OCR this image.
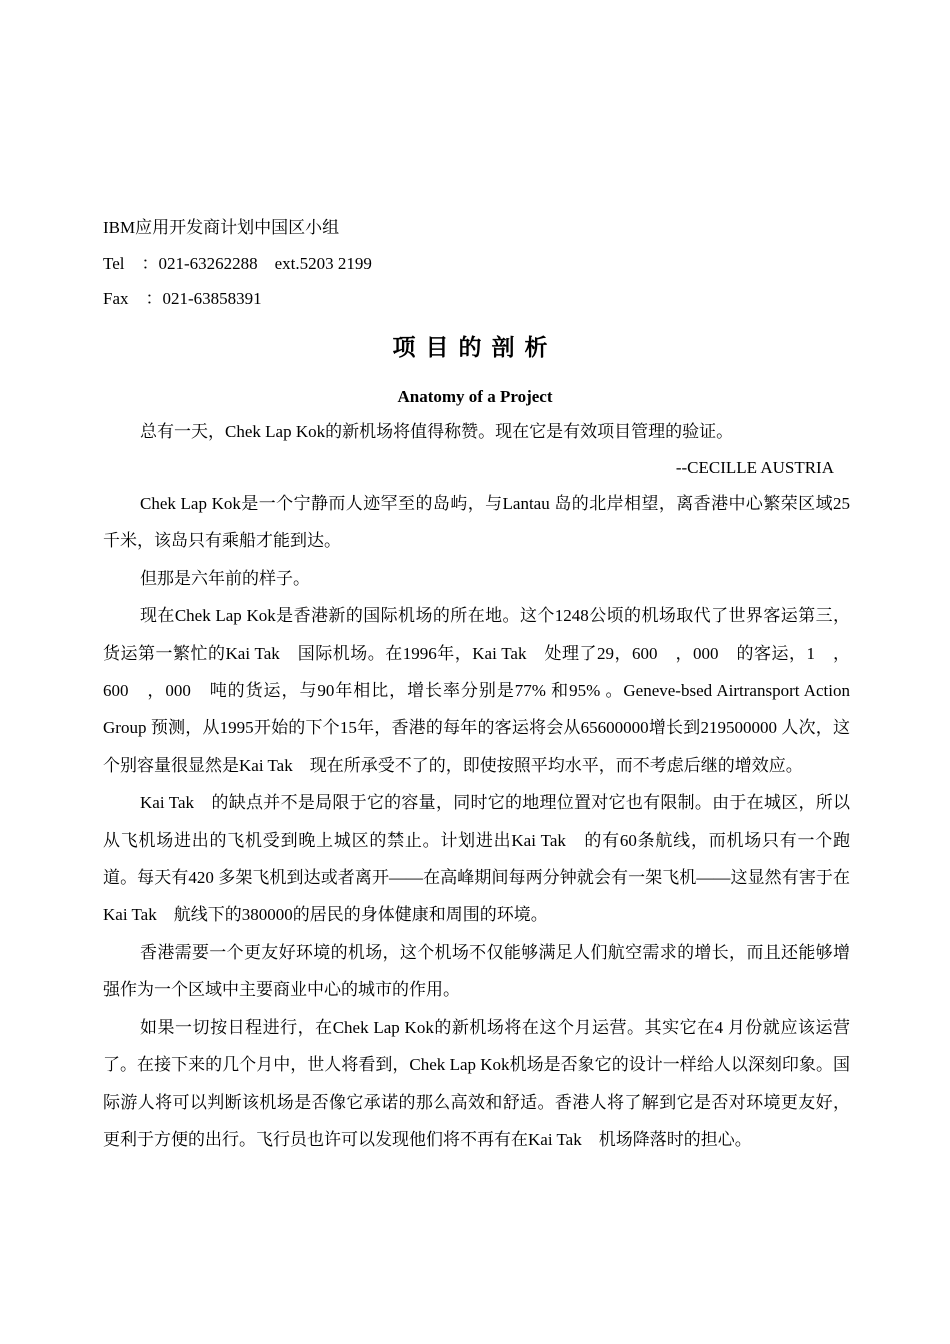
IBM应用开发商计划中国区小组
Tel　：021-63262288　ext.5203 2199
Fax　：021-63858391
项目的剖析
Anatomy of a Project
总有一天，Chek Lap Kok的新机场将值得称赞。现在它是有效项目管理的验证。
--CECILLE AUSTRIA

Chek Lap Kok是一个宁静而人迹罕至的岛屿，与Lantau 岛的北岸相望，离香港中心繁荣区域25千米，该岛只有乘船才能到达。

但那是六年前的样子。

现在Chek Lap Kok是香港新的国际机场的所在地。这个1248公顷的机场取代了世界客运第三，货运第一繁忙的Kai Tak　国际机场。在1996年，Kai Tak　处理了29，600　，000　的客运，1　，600　，000　吨的货运，与90年相比，增长率分别是77% 和95% 。Geneve-bsed Airtransport Action Group 预测，从1995开始的下个15年，香港的每年的客运将会从65600000增长到219500000 人次，这个别容量很显然是Kai Tak　现在所承受不了的，即使按照平均水平，而不考虑后继的增效应。

Kai Tak　的缺点并不是局限于它的容量，同时它的地理位置对它也有限制。由于在城区，所以从飞机场进出的飞机受到晚上城区的禁止。计划进出Kai Tak　的有60条航线，而机场只有一个跑道。每天有420 多架飞机到达或者离开——在高峰期间每两分钟就会有一架飞机——这显然有害于在Kai Tak　航线下的380000的居民的身体健康和周围的环境。

香港需要一个更友好环境的机场，这个机场不仅能够满足人们航空需求的增长，而且还能够增强作为一个区域中主要商业中心的城市的作用。

如果一切按日程进行，在Chek Lap Kok的新机场将在这个月运营。其实它在4 月份就应该运营了。在接下来的几个月中，世人将看到，Chek Lap Kok机场是否象它的设计一样给人以深刻印象。国际游人将可以判断该机场是否像它承诺的那么高效和舒适。香港人将了解到它是否对环境更友好，更利于方便的出行。飞行员也许可以发现他们将不再有在Kai Tak　机场降落时的担心。
